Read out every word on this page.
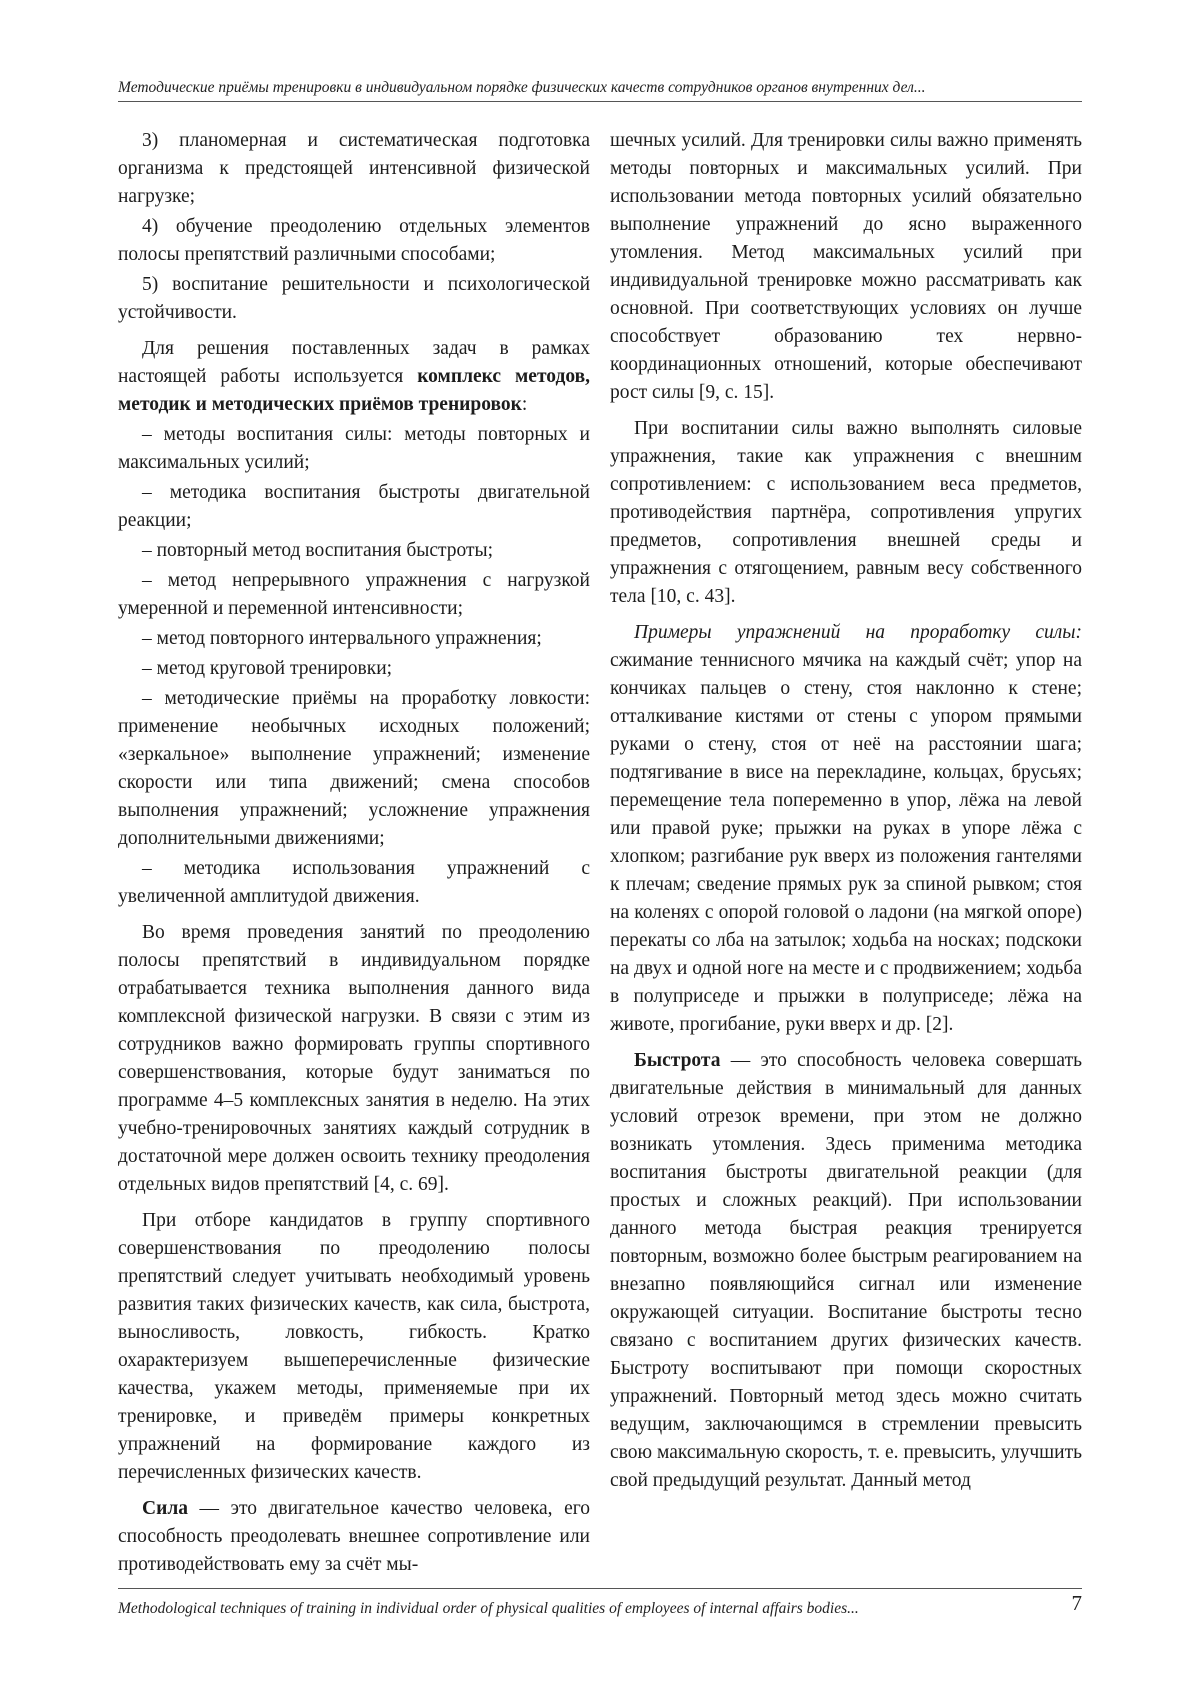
Методические приёмы тренировки в индивидуальном порядке физических качеств сотрудников органов внутренних дел...

3) планомерная и систематическая подготовка организма к предстоящей интенсивной физической нагрузке;

4) обучение преодолению отдельных элементов полосы препятствий различными способами;

5) воспитание решительности и психологической устойчивости.

Для решения поставленных задач в рамках настоящей работы используется комплекс методов, методик и методических приёмов тренировок:

– методы воспитания силы: методы повторных и максимальных усилий;

– методика воспитания быстроты двигательной реакции;

– повторный метод воспитания быстроты;

– метод непрерывного упражнения с нагрузкой умеренной и переменной интенсивности;

– метод повторного интервального упражнения;

– метод круговой тренировки;

– методические приёмы на проработку ловкости: применение необычных исходных положений; «зеркальное» выполнение упражнений; изменение скорости или типа движений; смена способов выполнения упражнений; усложнение упражнения дополнительными движениями;

– методика использования упражнений с увеличенной амплитудой движения.

Во время проведения занятий по преодолению полосы препятствий в индивидуальном порядке отрабатывается техника выполнения данного вида комплексной физической нагрузки. В связи с этим из сотрудников важно формировать группы спортивного совершенствования, которые будут заниматься по программе 4–5 комплексных занятия в неделю. На этих учебно-тренировочных занятиях каждый сотрудник в достаточной мере должен освоить технику преодоления отдельных видов препятствий [4, с. 69].

При отборе кандидатов в группу спортивного совершенствования по преодолению полосы препятствий следует учитывать необходимый уровень развития таких физических качеств, как сила, быстрота, выносливость, ловкость, гибкость. Кратко охарактеризуем вышеперечисленные физические качества, укажем методы, применяемые при их тренировке, и приведём примеры конкретных упражнений на формирование каждого из перечисленных физических качеств.

Сила — это двигательное качество человека, его способность преодолевать внешнее сопротивление или противодействовать ему за счёт мы-

шечных усилий. Для тренировки силы важно применять методы повторных и максимальных усилий. При использовании метода повторных усилий обязательно выполнение упражнений до ясно выраженного утомления. Метод максимальных усилий при индивидуальной тренировке можно рассматривать как основной. При соответствующих условиях он лучше способствует образованию тех нервно-координационных отношений, которые обеспечивают рост силы [9, с. 15].

При воспитании силы важно выполнять силовые упражнения, такие как упражнения с внешним сопротивлением: с использованием веса предметов, противодействия партнёра, сопротивления упругих предметов, сопротивления внешней среды и упражнения с отягощением, равным весу собственного тела [10, с. 43].

Примеры упражнений на проработку силы: сжимание теннисного мячика на каждый счёт; упор на кончиках пальцев о стену, стоя наклонно к стене; отталкивание кистями от стены с упором прямыми руками о стену, стоя от неё на расстоянии шага; подтягивание в висе на перекладине, кольцах, брусьях; перемещение тела попеременно в упор, лёжа на левой или правой руке; прыжки на руках в упоре лёжа с хлопком; разгибание рук вверх из положения гантелями к плечам; сведение прямых рук за спиной рывком; стоя на коленях с опорой головой о ладони (на мягкой опоре) перекаты со лба на затылок; ходьба на носках; подскоки на двух и одной ноге на месте и с продвижением; ходьба в полуприседе и прыжки в полуприседе; лёжа на животе, прогибание, руки вверх и др. [2].

Быстрота — это способность человека совершать двигательные действия в минимальный для данных условий отрезок времени, при этом не должно возникать утомления. Здесь применима методика воспитания быстроты двигательной реакции (для простых и сложных реакций). При использовании данного метода быстрая реакция тренируется повторным, возможно более быстрым реагированием на внезапно появляющийся сигнал или изменение окружающей ситуации. Воспитание быстроты тесно связано с воспитанием других физических качеств. Быстроту воспитывают при помощи скоростных упражнений. Повторный метод здесь можно считать ведущим, заключающимся в стремлении превысить свою максимальную скорость, т. е. превысить, улучшить свой предыдущий результат. Данный метод

Methodological techniques of training in individual order of physical qualities of employees of internal affairs bodies...	7
